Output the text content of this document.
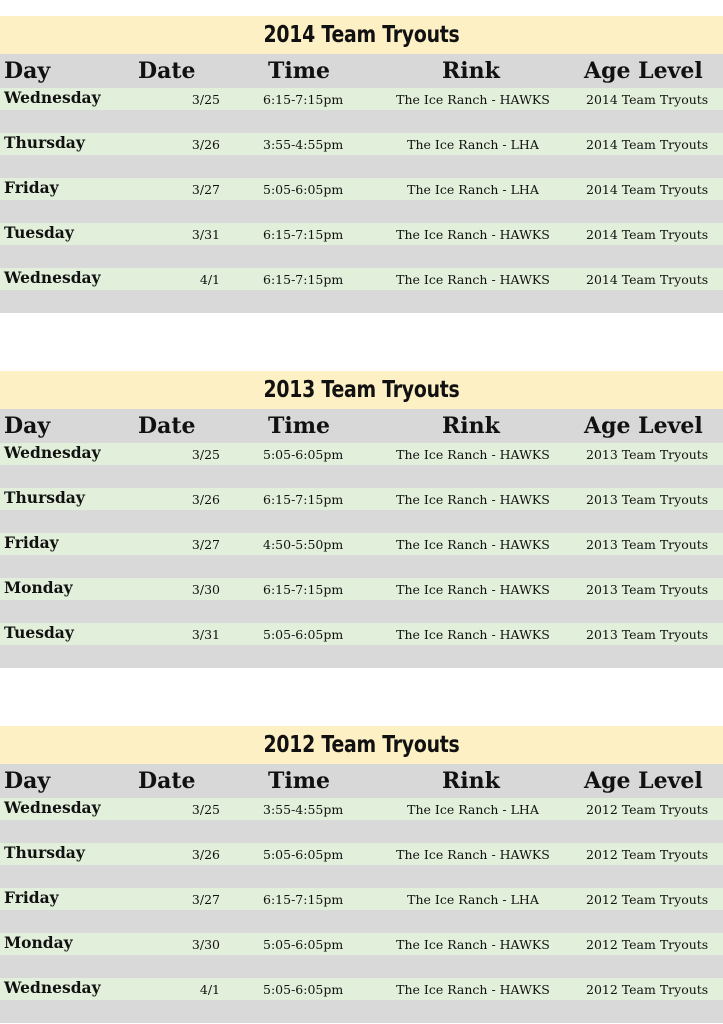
2014 Team Tryouts
Day	Date	Time	Rink	Age Level
Wednesday	3/25	6:15-7:15pm	The Ice Ranch - HAWKS	2014 Team Tryouts
Thursday	3/26	3:55-4:55pm	The Ice Ranch - LHA	2014 Team Tryouts
Friday	3/27	5:05-6:05pm	The Ice Ranch - LHA	2014 Team Tryouts
Tuesday	3/31	6:15-7:15pm	The Ice Ranch - HAWKS	2014 Team Tryouts
Wednesday	4/1	6:15-7:15pm	The Ice Ranch - HAWKS	2014 Team Tryouts
2013 Team Tryouts
Day	Date	Time	Rink	Age Level
Wednesday	3/25	5:05-6:05pm	The Ice Ranch - HAWKS	2013 Team Tryouts
Thursday	3/26	6:15-7:15pm	The Ice Ranch - HAWKS	2013 Team Tryouts
Friday	3/27	4:50-5:50pm	The Ice Ranch - HAWKS	2013 Team Tryouts
Monday	3/30	6:15-7:15pm	The Ice Ranch - HAWKS	2013 Team Tryouts
Tuesday	3/31	5:05-6:05pm	The Ice Ranch - HAWKS	2013 Team Tryouts
2012 Team Tryouts
Day	Date	Time	Rink	Age Level
Wednesday	3/25	3:55-4:55pm	The Ice Ranch - LHA	2012 Team Tryouts
Thursday	3/26	5:05-6:05pm	The Ice Ranch - HAWKS	2012 Team Tryouts
Friday	3/27	6:15-7:15pm	The Ice Ranch - LHA	2012 Team Tryouts
Monday	3/30	5:05-6:05pm	The Ice Ranch - HAWKS	2012 Team Tryouts
Wednesday	4/1	5:05-6:05pm	The Ice Ranch - HAWKS	2012 Team Tryouts
